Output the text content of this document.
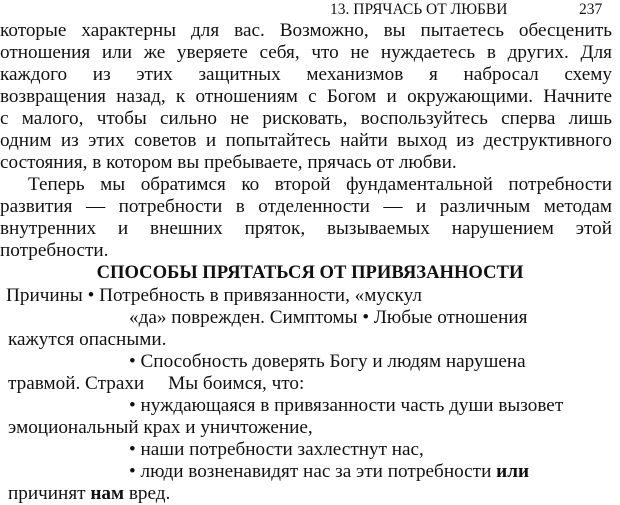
13. ПРЯЧАСЬ ОТ ЛЮБВИ	237
которые характерны для вас. Возможно, вы пытаетесь обесценить
отношения или же уверяете себя, что не нуждаетесь в других. Для
каждого из этих защитных механизмов я набросал схему
возвращения назад, к отношениям с Богом и окружающими. Начните
с малого, чтобы сильно не рисковать, воспользуйтесь сперва лишь
одним из этих советов и попытайтесь найти выход из деструктивного
состояния, в котором вы пребываете, прячась от любви.
Теперь мы обратимся ко второй фундаментальной потребности
развития — потребности в отделенности — и различным методам
внутренних и внешних пряток, вызываемых нарушением этой
потребности.
СПОСОБЫ ПРЯТАТЬСЯ ОТ ПРИВЯЗАННОСТИ
Причины • Потребность в привязанности, «мускул
«да» поврежден. Симптомы • Любые отношения
кажутся опасными.
• Способность доверять Богу и людям нарушена
травмой. Страхи     Мы боимся, что:
• нуждающаяся в привязанности часть души вызовет
эмоциональный крах и уничтожение,
• наши потребности захлестнут нас,
• люди возненавидят нас за эти потребности или
причинят нам вред.
